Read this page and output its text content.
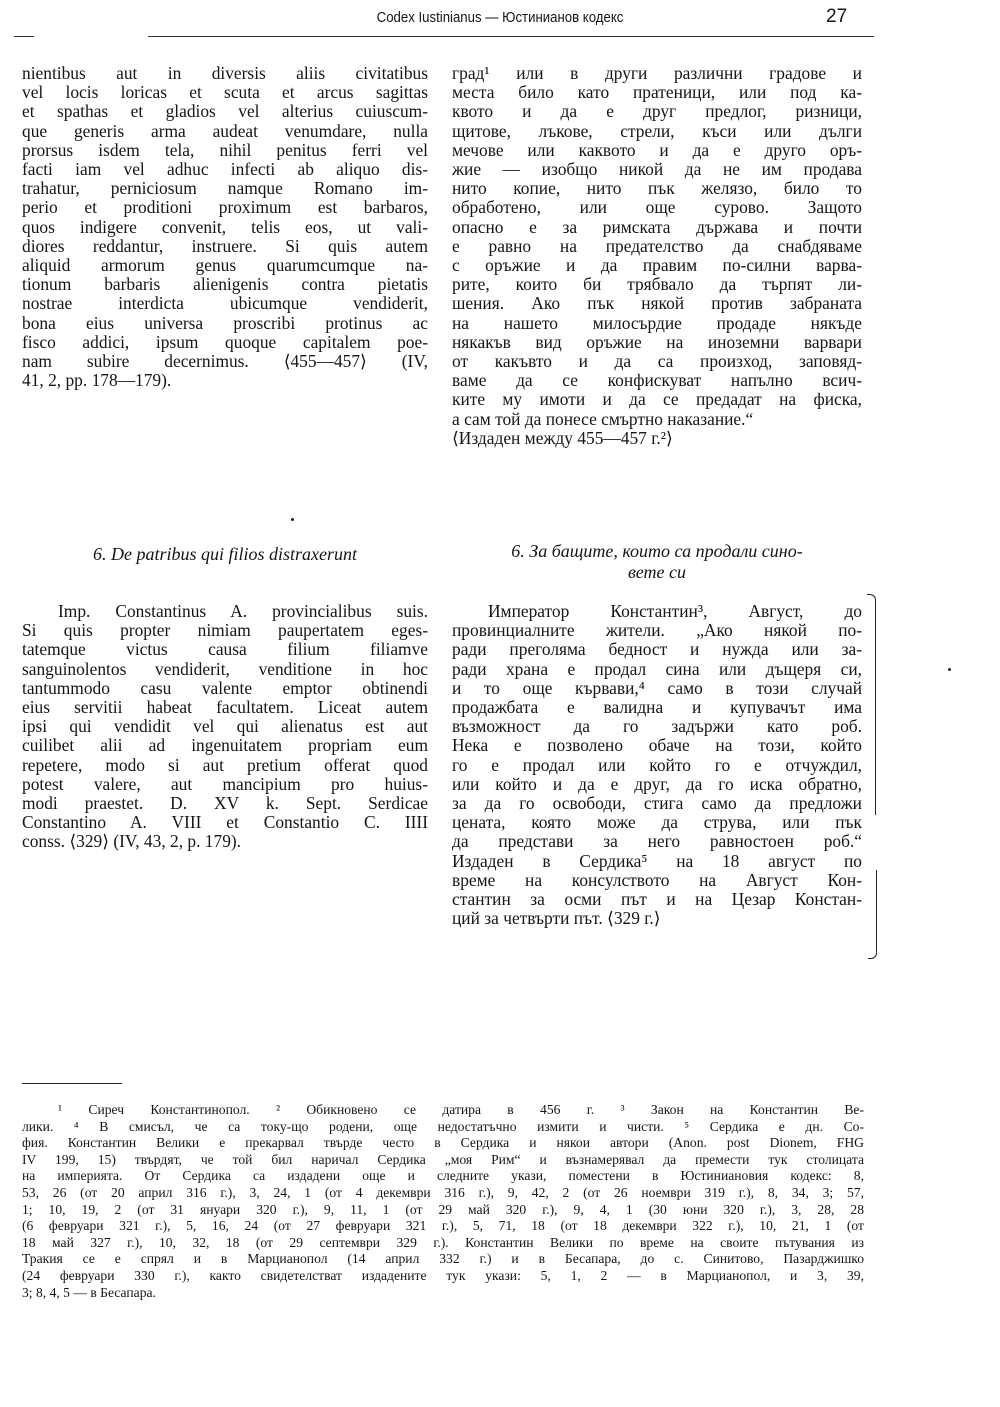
Codex Iustinianus — Юстинианов кодекс	27
nientibus aut in diversis aliis civitatibus
vel locis loricas et scuta et arcus sagittas
et spathas et gladios vel alterius cuiuscum-
que generis arma audeat venumdare, nulla
prorsus isdem tela, nihil penitus ferri vel
facti iam vel adhuc infecti ab aliquo dis-
trahatur, perniciosum namque Romano im-
perio et proditioni proximum est barbaros,
quos indigere convenit, telis eos, ut vali-
diores reddantur, instruere. Si quis autem
aliquid armorum genus quarumcumque na-
tionum barbaris alienigenis contra pietatis
nostrae interdicta ubicumque vendiderit,
bona eius universa proscribi protinus ac
fisco addici, ipsum quoque capitalem poe-
nam subire decernimus. ⟨455—457⟩ (IV,
41, 2, pp. 178—179).
град¹ или в други различни градове и
места било като пратеници, или под ка-
квото и да е друг предлог, ризници,
щитове, лъкове, стрели, къси или дълги
мечове или каквото и да е друго оръ-
жие — изобщо никой да не им продава
нито копие, нито пък желязо, било то
обработено, или още сурово. Защото
опасно е за римската държава и почти
е равно на предателство да снабдяваме
с оръжие и да правим по-силни варва-
рите, които би трябвало да търпят ли-
шения. Ако пък някой против забраната
на нашето милосърдие продаде някъде
някакъв вид оръжие на иноземни варвари
от какъвто и да са произход, заповяд-
ваме да се конфискуват напълно всич-
ките му имоти и да се предадат на фиска,
а сам той да понесе смъртно наказание.“
⟨Издаден между 455—457 г.²⟩
6. De patribus qui filios distraxerunt	6. За бащите, които са продали сино-
вете си
Imp. Constantinus A. provincialibus suis.
Si quis propter nimiam paupertatem eges-
tatemque victus causa filium filiamve
sanguinolentos vendiderit, venditione in hoc
tantummodo casu valente emptor obtinendi
eius servitii habeat facultatem. Liceat autem
ipsi qui vendidit vel qui alienatus est aut
cuilibet alii ad ingenuitatem propriam eum
repetere, modo si aut pretium offerat quod
potest valere, aut mancipium pro huius-
modi praestet. D. XV k. Sept. Serdicae
Constantino A. VIII et Constantio C. IIII
conss. ⟨329⟩ (IV, 43, 2, p. 179).
Император Константин³, Август, до
провинциалните жители. „Ако някой по-
ради преголяма бедност и нужда или за-
ради храна е продал сина или дъщеря си,
и то още кървави,⁴ само в този случай
продажбата е валидна и купувачът има
възможност да го задържи като роб.
Нека е позволено обаче на този, който
го е продал или който го е отчуждил,
или който и да е друг, да го иска обратно,
за да го освободи, стига само да предложи
цената, която може да струва, или пък
да представи за него равностоен роб.“
Издаден в Сердика⁵ на 18 август по
време на консулството на Август Кон-
стантин за осми път и на Цезар Констан-
ций за четвърти път. ⟨329 г.⟩
¹ Сиреч Константинопол. ² Обикновено се датира в 456 г. ³ Закон на Константин Ве-
лики. ⁴ В смисъл, че са току-що родени, още недостатъчно измити и чисти. ⁵ Сердика е дн. Со-
фия. Константин Велики е прекарвал твърде често в Сердика и някои автори (Anon. post Dionem, FHG
IV 199, 15) твърдят, че той бил наричал Сердика „моя Рим“ и възнамерявал да премести тук столицата
на империята. От Сердика са издадени още и следните укази, поместени в Юстиниановия кодекс: 8,
53, 26 (от 20 април 316 г.), 3, 24, 1 (от 4 декември 316 г.), 9, 42, 2 (от 26 ноември 319 г.), 8, 34, 3; 57,
1; 10, 19, 2 (от 31 януари 320 г.), 9, 11, 1 (от 29 май 320 г.), 9, 4, 1 (30 юни 320 г.), 3, 28, 28
(6 февруари 321 г.), 5, 16, 24 (от 27 февруари 321 г.), 5, 71, 18 (от 18 декември 322 г.), 10, 21, 1 (от
18 май 327 г.), 10, 32, 18 (от 29 септември 329 г.). Константин Велики по време на своите пътувания из
Тракия се е спрял и в Марцианопол (14 април 332 г.) и в Бесапара, до с. Синитово, Пазарджишко
(24 февруари 330 г.), както свидетелстват издадените тук укази: 5, 1, 2 — в Марцианопол, и 3, 39,
3; 8, 4, 5 — в Бесапара.
